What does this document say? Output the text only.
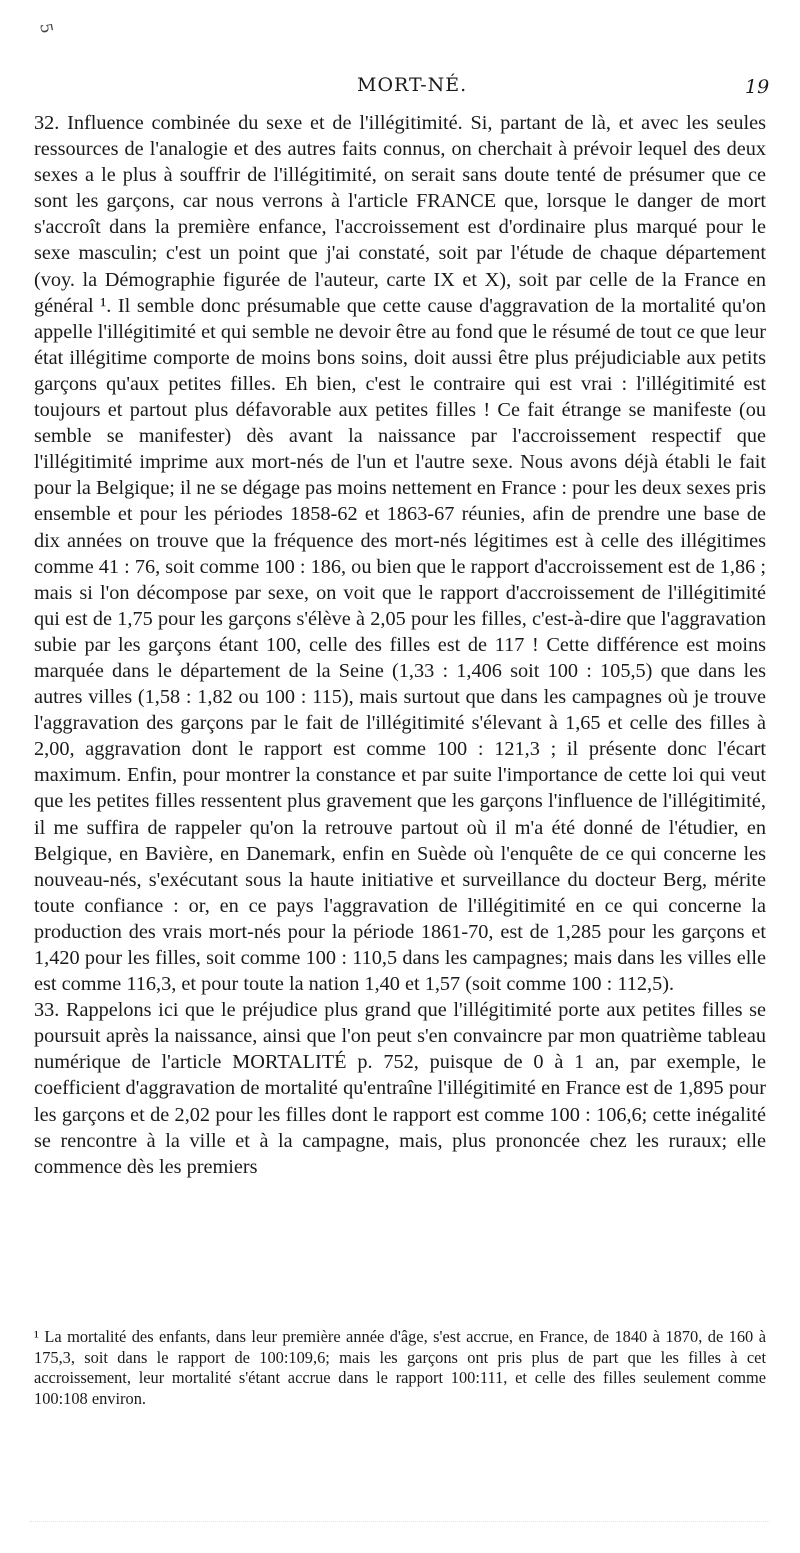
5
MORT-NÉ.	19

32. Influence combinée du sexe et de l'illégitimité. Si, partant de là, et avec les seules ressources de l'analogie et des autres faits connus, on cherchait à prévoir lequel des deux sexes a le plus à souffrir de l'illégitimité, on serait sans doute tenté de présumer que ce sont les garçons, car nous verrons à l'article FRANCE que, lorsque le danger de mort s'accroît dans la première enfance, l'accroissement est d'ordinaire plus marqué pour le sexe masculin; c'est un point que j'ai constaté, soit par l'étude de chaque département (voy. la Démographie figurée de l'auteur, carte IX et X), soit par celle de la France en général ¹. Il semble donc présumable que cette cause d'aggravation de la mortalité qu'on appelle l'illégitimité et qui semble ne devoir être au fond que le résumé de tout ce que leur état illégitime comporte de moins bons soins, doit aussi être plus préjudiciable aux petits garçons qu'aux petites filles. Eh bien, c'est le contraire qui est vrai : l'illégitimité est toujours et partout plus défavorable aux petites filles ! Ce fait étrange se manifeste (ou semble se manifester) dès avant la naissance par l'accroissement respectif que l'illégitimité imprime aux mort-nés de l'un et l'autre sexe. Nous avons déjà établi le fait pour la Belgique; il ne se dégage pas moins nettement en France : pour les deux sexes pris ensemble et pour les périodes 1858-62 et 1863-67 réunies, afin de prendre une base de dix années on trouve que la fréquence des mort-nés légitimes est à celle des illégitimes comme 41 : 76, soit comme 100 : 186, ou bien que le rapport d'accroissement est de 1,86 ; mais si l'on décompose par sexe, on voit que le rapport d'accroissement de l'illégitimité qui est de 1,75 pour les garçons s'élève à 2,05 pour les filles, c'est-à-dire que l'aggravation subie par les garçons étant 100, celle des filles est de 117 ! Cette différence est moins marquée dans le département de la Seine (1,33 : 1,406 soit 100 : 105,5) que dans les autres villes (1,58 : 1,82 ou 100 : 115), mais surtout que dans les campagnes où je trouve l'aggravation des garçons par le fait de l'illégitimité s'élevant à 1,65 et celle des filles à 2,00, aggravation dont le rapport est comme 100 : 121,3 ; il présente donc l'écart maximum. Enfin, pour montrer la constance et par suite l'importance de cette loi qui veut que les petites filles ressentent plus gravement que les garçons l'influence de l'illégitimité, il me suffira de rappeler qu'on la retrouve partout où il m'a été donné de l'étudier, en Belgique, en Bavière, en Danemark, enfin en Suède où l'enquête de ce qui concerne les nouveau-nés, s'exécutant sous la haute initiative et surveillance du docteur Berg, mérite toute confiance : or, en ce pays l'aggravation de l'illégitimité en ce qui concerne la production des vrais mort-nés pour la période 1861-70, est de 1,285 pour les garçons et 1,420 pour les filles, soit comme 100 : 110,5 dans les campagnes; mais dans les villes elle est comme 116,3, et pour toute la nation 1,40 et 1,57 (soit comme 100 : 112,5).

33. Rappelons ici que le préjudice plus grand que l'illégitimité porte aux petites filles se poursuit après la naissance, ainsi que l'on peut s'en convaincre par mon quatrième tableau numérique de l'article MORTALITÉ p. 752, puisque de 0 à 1 an, par exemple, le coefficient d'aggravation de mortalité qu'entraîne l'illégitimité en France est de 1,895 pour les garçons et de 2,02 pour les filles dont le rapport est comme 100 : 106,6; cette inégalité se rencontre à la ville et à la campagne, mais, plus prononcée chez les ruraux; elle commence dès les premiers

¹ La mortalité des enfants, dans leur première année d'âge, s'est accrue, en France, de 1840 à 1870, de 160 à 175,3, soit dans le rapport de 100:109,6; mais les garçons ont pris plus de part que les filles à cet accroissement, leur mortalité s'étant accrue dans le rapport 100:111, et celle des filles seulement comme 100:108 environ.
